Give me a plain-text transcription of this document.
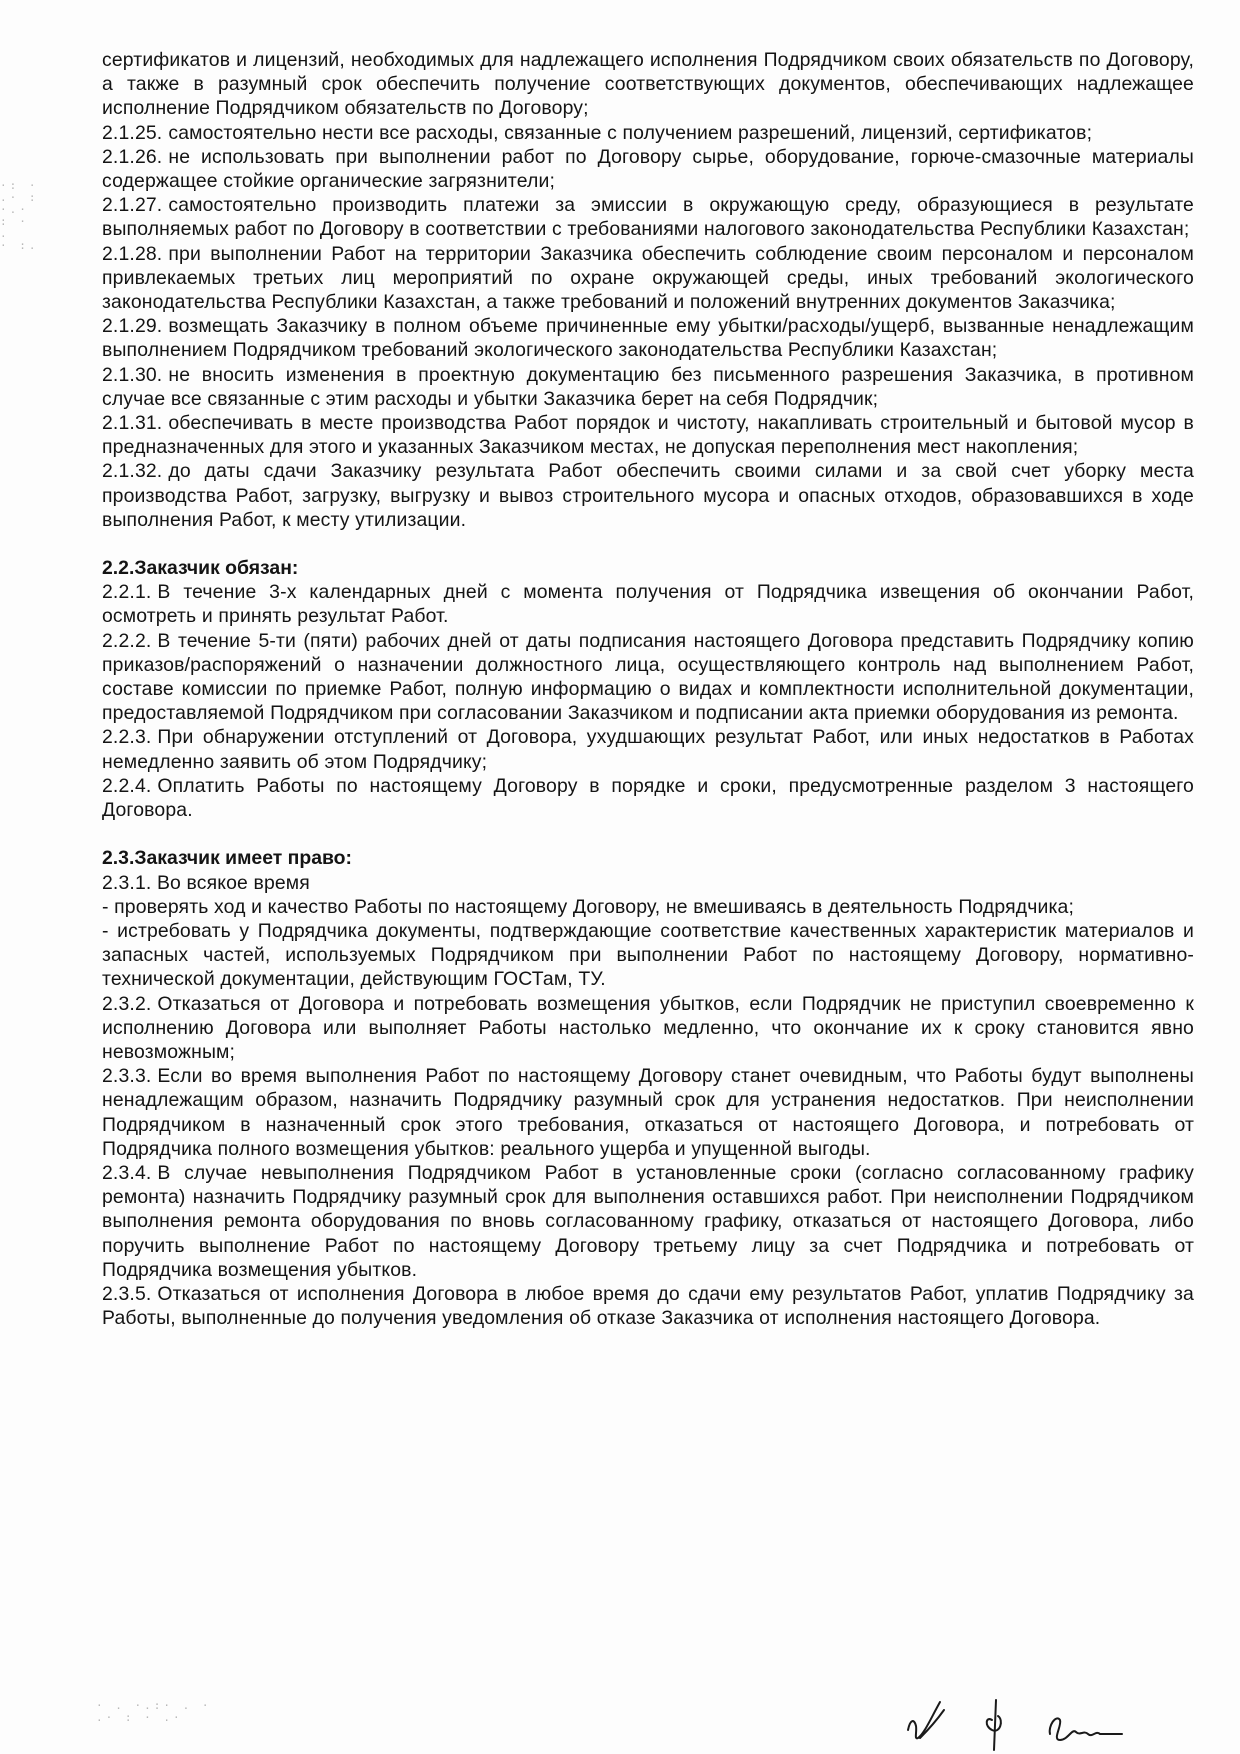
·: ·
.· :
·.·
: · .
· :.
· . ·.:· . ·
.· : · .·

сертификатов и лицензий, необходимых для надлежащего исполнения Подрядчиком своих обязательств по Договору, а также в разумный срок обеспечить получение соответствующих документов, обеспечивающих надлежащее исполнение Подрядчиком обязательств по Договору;

2.1.25. самостоятельно нести все расходы, связанные с получением разрешений, лицензий, сертификатов;

2.1.26. не использовать при выполнении работ по Договору сырье, оборудование, горюче-смазочные материалы содержащее стойкие органические загрязнители;

2.1.27. самостоятельно производить платежи за эмиссии в окружающую среду, образующиеся в результате выполняемых работ по Договору в соответствии с требованиями налогового законодательства Республики Казахстан;

2.1.28. при выполнении Работ на территории Заказчика обеспечить соблюдение своим персоналом и персоналом привлекаемых третьих лиц мероприятий по охране окружающей среды, иных требований экологического законодательства Республики Казахстан, а также требований и положений внутренних документов Заказчика;

2.1.29. возмещать Заказчику в полном объеме причиненные ему убытки/расходы/ущерб, вызванные ненадлежащим выполнением Подрядчиком требований экологического законодательства Республики Казахстан;

2.1.30. не вносить изменения в проектную документацию без письменного разрешения Заказчика, в противном случае все связанные с этим расходы и убытки Заказчика берет на себя Подрядчик;

2.1.31. обеспечивать в месте производства Работ порядок и чистоту, накапливать строительный и бытовой мусор в предназначенных для этого и указанных Заказчиком местах, не допуская переполнения мест накопления;

2.1.32. до даты сдачи Заказчику результата Работ обеспечить своими силами и за свой счет уборку места производства Работ, загрузку, выгрузку и вывоз строительного мусора и опасных отходов, образовавшихся в ходе выполнения Работ, к месту утилизации.

2.2.Заказчик обязан:

2.2.1. В течение 3-х календарных дней с момента получения от Подрядчика извещения об окончании Работ, осмотреть и принять результат Работ.

2.2.2. В течение 5-ти (пяти) рабочих дней от даты подписания настоящего Договора представить Подрядчику копию приказов/распоряжений о назначении должностного лица, осуществляющего контроль над выполнением Работ, составе комиссии по приемке Работ, полную информацию о видах и комплектности исполнительной документации, предоставляемой Подрядчиком при согласовании Заказчиком и подписании акта приемки оборудования из ремонта.

2.2.3. При обнаружении отступлений от Договора, ухудшающих результат Работ, или иных недостатков в Работах немедленно заявить об этом Подрядчику;

2.2.4. Оплатить Работы по настоящему Договору в порядке и сроки, предусмотренные разделом 3 настоящего Договора.

2.3.Заказчик имеет право:

2.3.1. Во всякое время

- проверять ход и качество Работы по настоящему Договору, не вмешиваясь в деятельность Подрядчика;

- истребовать у Подрядчика документы, подтверждающие соответствие качественных характеристик материалов и запасных частей, используемых Подрядчиком при выполнении Работ по настоящему Договору, нормативно-технической документации, действующим ГОСТам, ТУ.

2.3.2. Отказаться от Договора и потребовать возмещения убытков, если Подрядчик не приступил своевременно к исполнению Договора или выполняет Работы настолько медленно, что окончание их к сроку становится явно невозможным;

2.3.3. Если во время выполнения Работ по настоящему Договору станет очевидным, что Работы будут выполнены ненадлежащим образом, назначить Подрядчику разумный срок для устранения недостатков. При неисполнении Подрядчиком в назначенный срок этого требования, отказаться от настоящего Договора, и потребовать от Подрядчика полного возмещения убытков: реального ущерба и упущенной выгоды.

2.3.4. В случае невыполнения Подрядчиком Работ в установленные сроки (согласно согласованному графику ремонта) назначить Подрядчику разумный срок для выполнения оставшихся работ. При неисполнении Подрядчиком выполнения ремонта оборудования по вновь согласованному графику, отказаться от настоящего Договора, либо поручить выполнение Работ по настоящему Договору третьему лицу за счет Подрядчика и потребовать от Подрядчика возмещения убытков.

2.3.5. Отказаться от исполнения Договора в любое время до сдачи ему результатов Работ, уплатив Подрядчику за Работы, выполненные до получения уведомления об отказе Заказчика от исполнения настоящего Договора.
